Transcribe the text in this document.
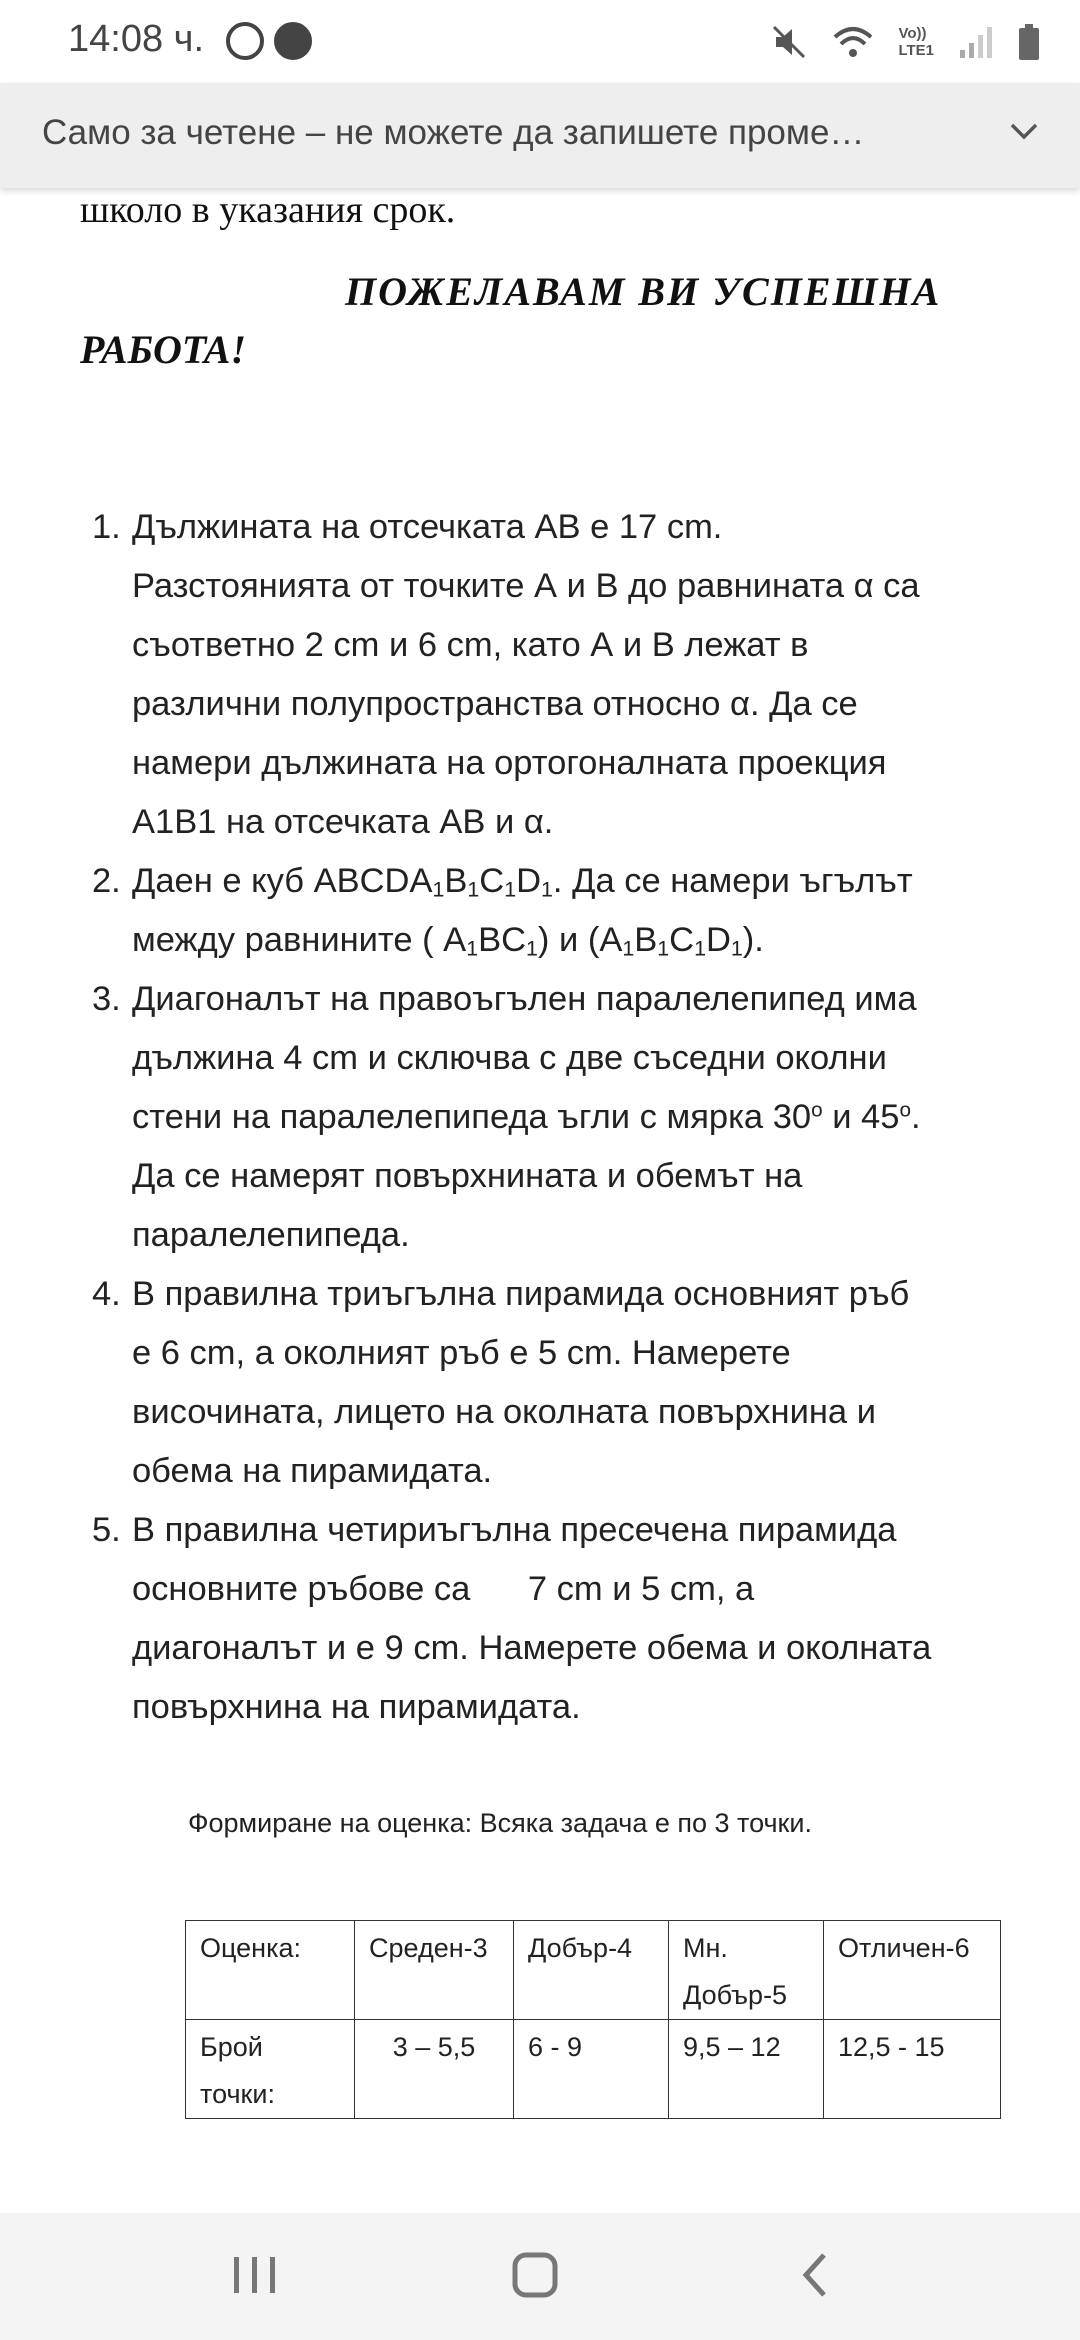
14:08 ч.	Vo))
LTE1
Само за четене – не можете да запишете проме…
школо в указания срок.
ПОЖЕЛАВАМ ВИ УСПЕШНА
РАБОТА!
1. Дължината на отсечката АВ е 17 cm.
Разстоянията от точките А и В до равнината α са
съответно 2 cm и 6 cm, като А и В лежат в
различни полупространства относно α. Да се
намери дължината на ортогоналната проекция
А1В1 на отсечката АВ и α.
2. Даен е куб $ABCDA_1B_1C_1D_1$. Да се намери ъгълът
между равнините ( $A_1BC_1$) и $(A_1B_1C_1D_1)$.
3. Диагоналът на правоъгълен паралелепипед има
дължина 4 cm и сключва с две съседни околни
стени на паралелепипеда ъгли с мярка 30$^o$ и 45$^o$.
Да се намерят повърхнината и обемът на
паралелепипеда.
4. В правилна триъгълна пирамида основният ръб
е 6 cm, а околният ръб е 5 cm. Намерете
височината, лицето на околната повърхнина и
обема на пирамидата.
5. В правилна четириъгълна пресечена пирамида
основните ръбове са      7 cm и 5 cm, а
диагоналът и е 9 cm. Намерете обема и околната
повърхнина на пирамидата.
Формиране на оценка: Всяка задача е по 3 точки.
Оценка:	Среден-3	Добър-4	Мн. Добър-5	Отличен-6
Брой точки:	3 – 5,5	6 - 9	9,5 – 12	12,5 - 15
